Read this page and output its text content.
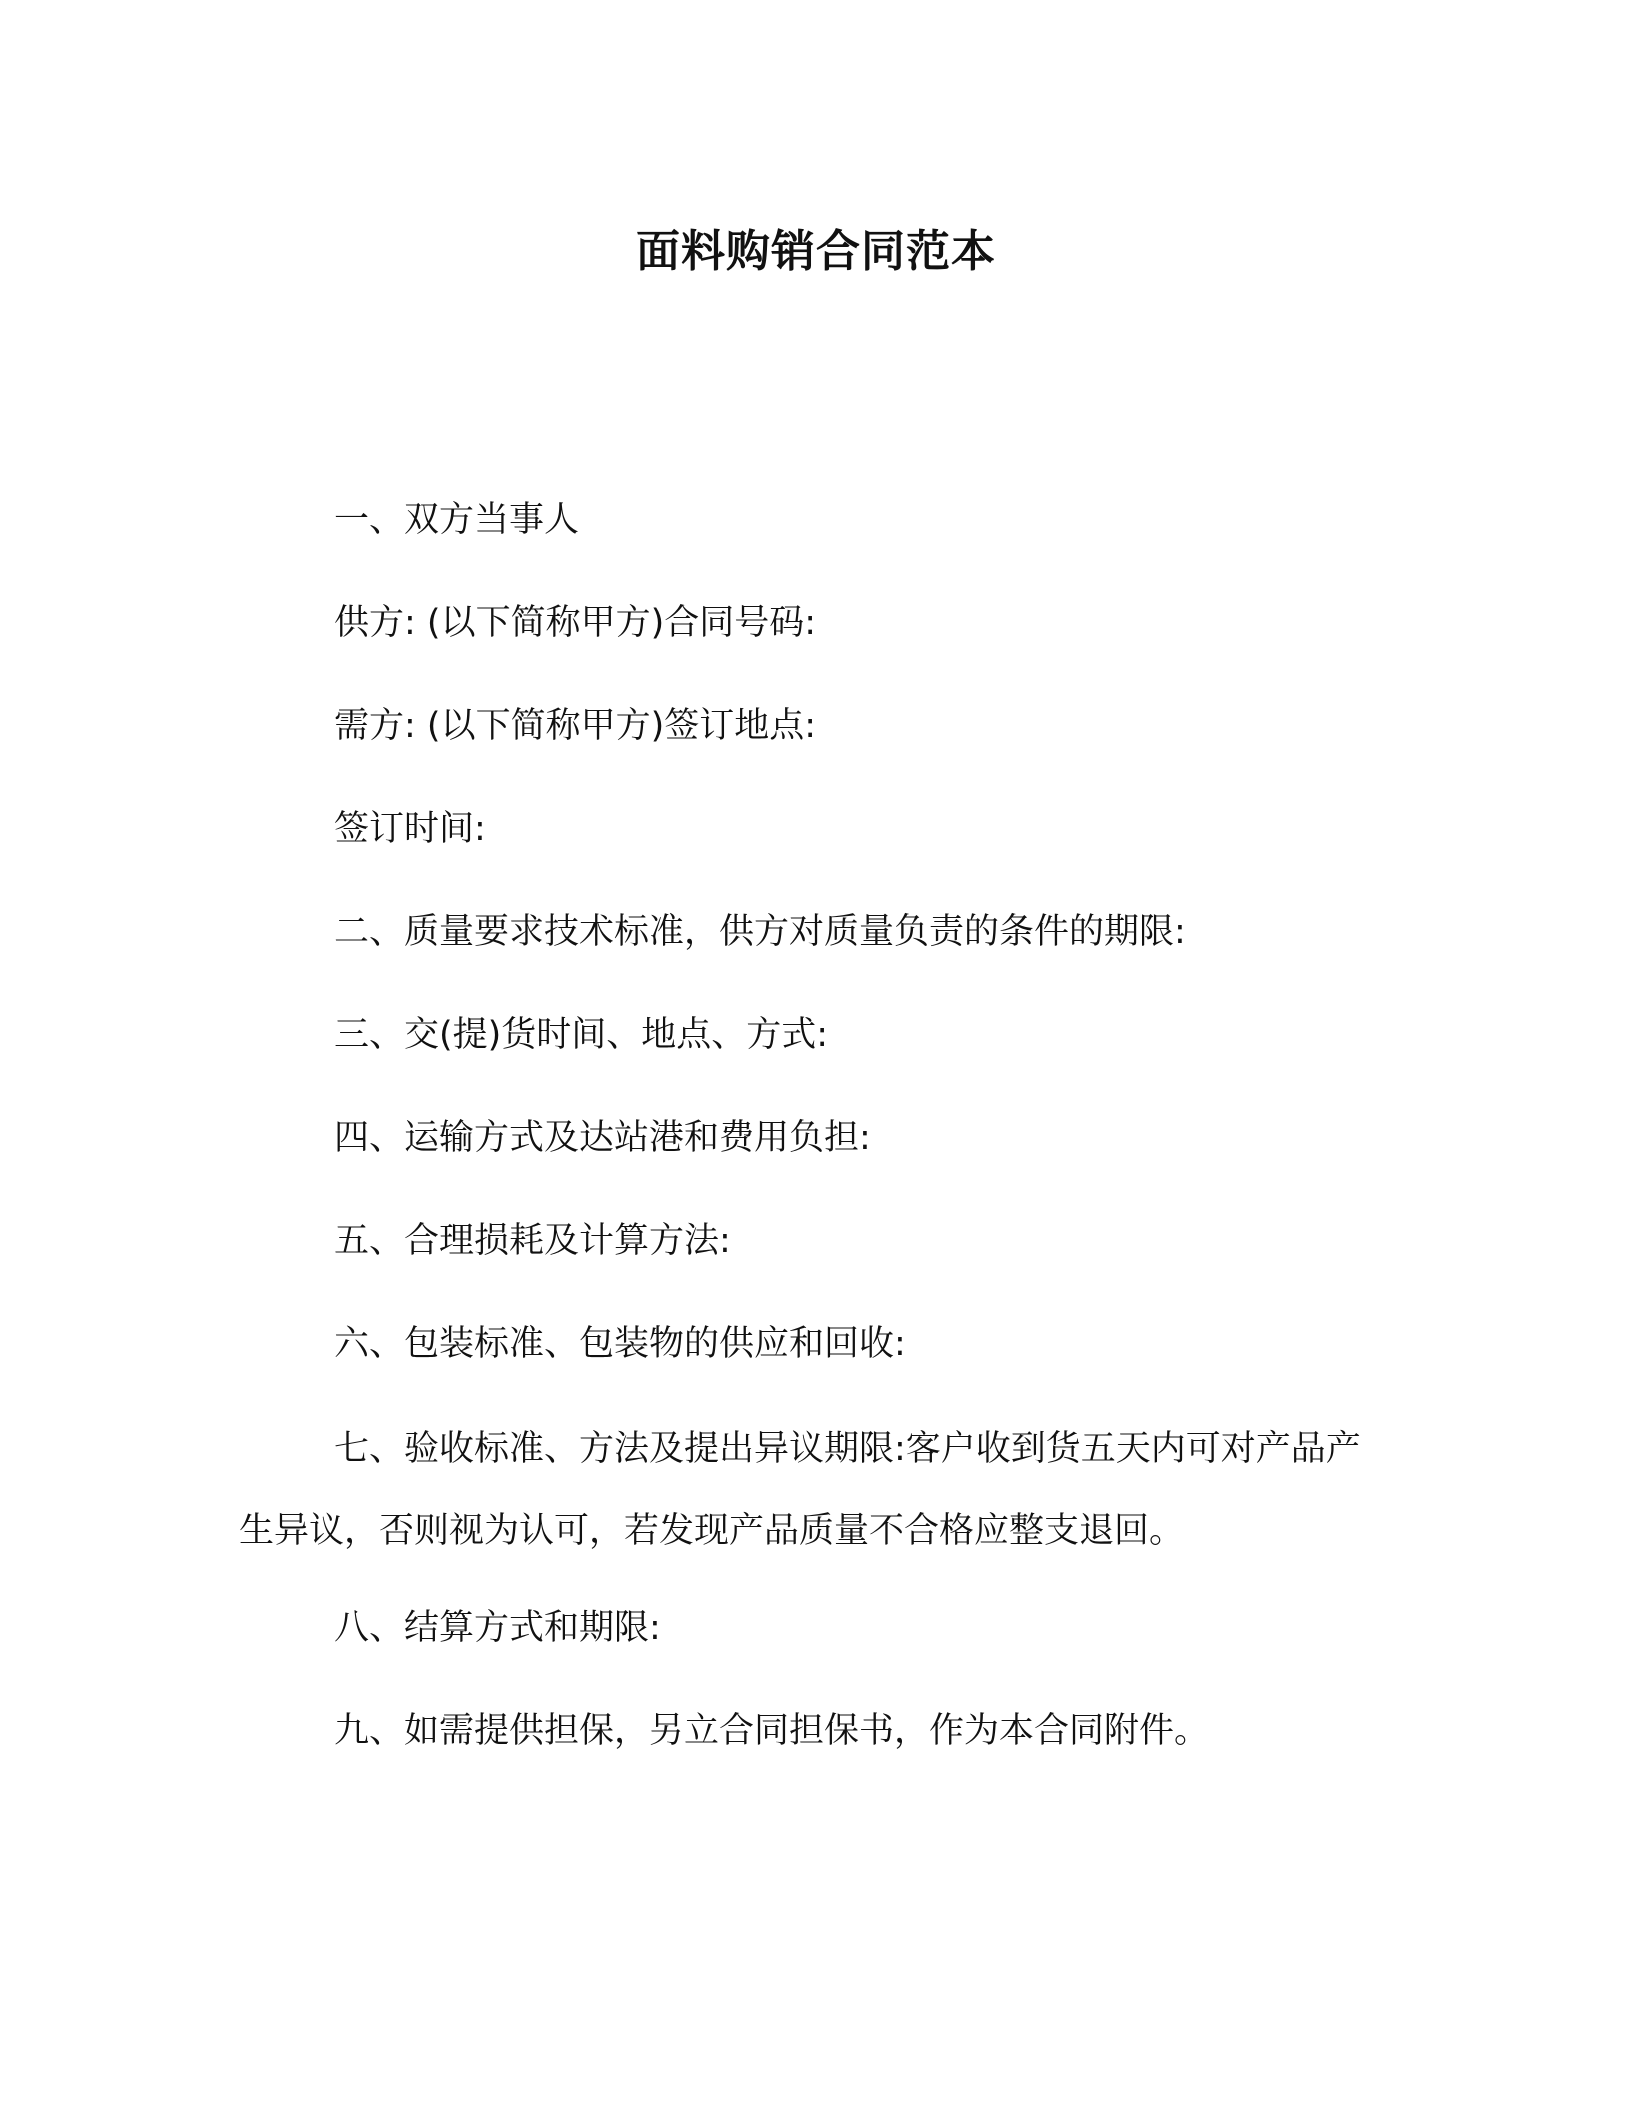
面料购销合同范本
一、双方当事人
供方: (以下简称甲方)合同号码:
需方: (以下简称甲方)签订地点:
签订时间:
二、质量要求技术标准，供方对质量负责的条件的期限:
三、交(提)货时间、地点、方式:
四、运输方式及达站港和费用负担:
五、合理损耗及计算方法:
六、包装标准、包装物的供应和回收:
七、验收标准、方法及提出异议期限:客户收到货五天内可对产品产生异议，否则视为认可，若发现产品质量不合格应整支退回。
八、结算方式和期限:
九、如需提供担保，另立合同担保书，作为本合同附件。
